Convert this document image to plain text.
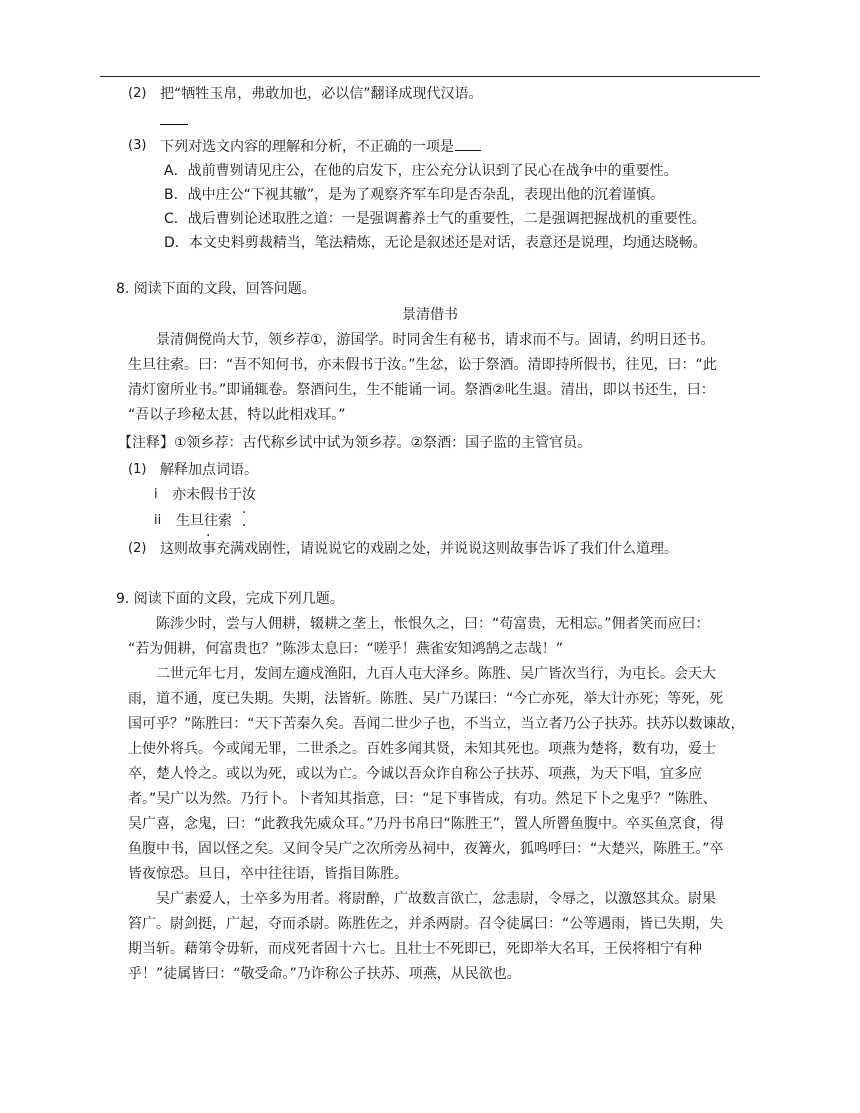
(2) 把“牺牲玉帛，弗敢加也，必以信”翻译成现代汉语。
(3) 下列对选文内容的理解和分析，不正确的一项是
A．战前曹刿请见庄公，在他的启发下，庄公充分认识到了民心在战争中的重要性。
B．战中庄公“下视其辙”，是为了观察齐军车印是否杂乱，表现出他的沉着谨慎。
C．战后曹刿论述取胜之道：一是强调蓄养士气的重要性，二是强调把握战机的重要性。
D．本文史料剪裁精当，笔法精炼，无论是叙述还是对话，表意还是说理，均通达晓畅。
8. 阅读下面的文段，回答问题。
景清借书
景清倜傥尚大节，领乡荐①，游国学。时同舍生有秘书，请求而不与。固请，约明日还书。
生旦往索。曰：“吾不知何书，亦未假书于汝。”生忿，讼于祭酒。清即持所假书，往见，曰：“此
清灯窗所业书。”即诵辄卷。祭酒问生，生不能诵一词。祭酒②叱生退。清出，即以书还生，曰：
“吾以子珍秘太甚，特以此相戏耳。”
【注释】①领乡荐：古代称乡试中试为领乡荐。②祭酒：国子监的主管官员。
(1) 解释加点词语。
i 亦未假书于汝
· ·
ii 生旦往索
·
(2) 这则故事充满戏剧性，请说说它的戏剧之处，并说说这则故事告诉了我们什么道理。
9. 阅读下面的文段，完成下列几题。
陈涉少时，尝与人佣耕，辍耕之垄上，怅恨久之，曰：“苟富贵，无相忘。”佣者笑而应曰：
“若为佣耕，何富贵也？”陈涉太息曰：“嗟乎！燕雀安知鸿鹄之志哉！”
二世元年七月，发闾左適戍渔阳，九百人屯大泽乡。陈胜、吴广皆次当行，为屯长。会天大
雨，道不通，度已失期。失期，法皆斩。陈胜、吴广乃谋曰：“今亡亦死，举大计亦死；等死，死
国可乎？”陈胜曰：“天下苦秦久矣。吾闻二世少子也，不当立，当立者乃公子扶苏。扶苏以数谏故，
上使外将兵。今或闻无罪，二世杀之。百姓多闻其贤，未知其死也。项燕为楚将，数有功，爱士
卒，楚人怜之。或以为死，或以为亡。今诚以吾众诈自称公子扶苏、项燕，为天下唱，宜多应
者。”吴广以为然。乃行卜。卜者知其指意，曰：“足下事皆成，有功。然足下卜之鬼乎？”陈胜、
吴广喜，念鬼，曰：“此教我先威众耳。”乃丹书帛曰“陈胜王”，置人所罾鱼腹中。卒买鱼烹食，得
鱼腹中书，固以怪之矣。又间令吴广之次所旁丛祠中，夜篝火，狐鸣呼曰：“大楚兴，陈胜王。”卒
皆夜惊恐。旦日，卒中往往语，皆指目陈胜。
吴广素爱人，士卒多为用者。将尉醉，广故数言欲亡，忿恚尉，令辱之，以激怒其众。尉果
笞广。尉剑挺，广起，夺而杀尉。陈胜佐之，并杀两尉。召令徒属曰：“公等遇雨，皆已失期，失
期当斩。藉第令毋斩，而戍死者固十六七。且壮士不死即已，死即举大名耳，王侯将相宁有种
乎！”徒属皆曰：“敬受命。”乃诈称公子扶苏、项燕，从民欲也。
